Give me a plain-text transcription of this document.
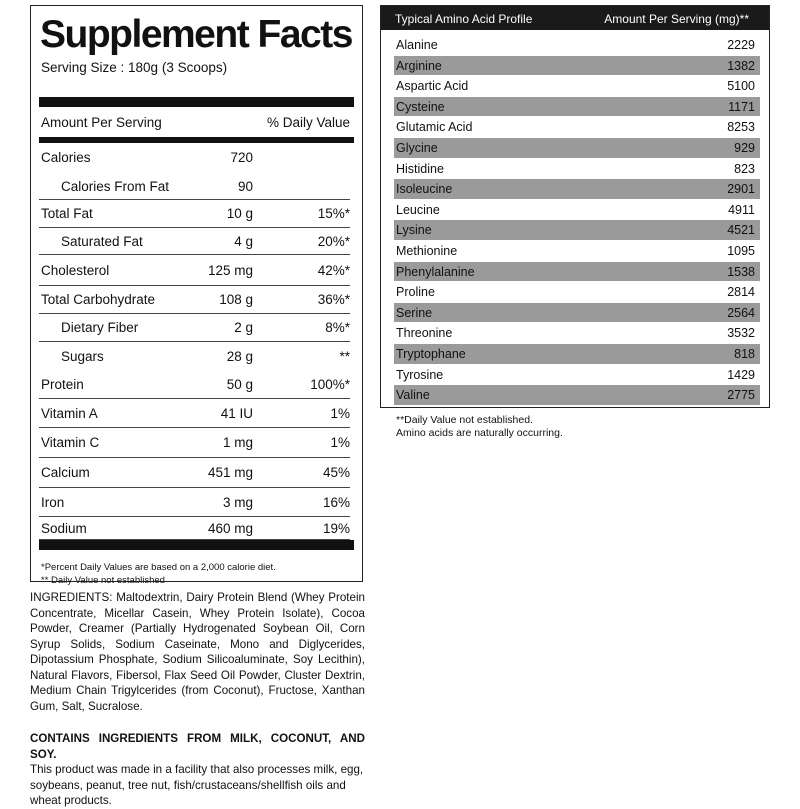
Supplement Facts
Serving Size : 180g (3 Scoops)
Amount Per Serving	% Daily Value
Calories	720
Calories From Fat	90
Total Fat	10 g	15%*
Saturated Fat	4 g	20%*
Cholesterol	125 mg	42%*
Total Carbohydrate	108 g	36%*
Dietary Fiber	2 g	8%*
Sugars	28 g	**
Protein	50 g	100%*
Vitamin A	41 IU	1%
Vitamin C	1 mg	1%
Calcium	451 mg	45%
Iron	3 mg	16%
Sodium	460 mg	19%
*Percent Daily Values are based on a 2,000 calorie diet.
** Daily Value not established

INGREDIENTS: Maltodextrin, Dairy Protein Blend (Whey Protein Concentrate, Micellar Casein, Whey Protein Isolate), Cocoa Powder, Creamer (Partially Hydrogenated Soybean Oil, Corn Syrup Solids, Sodium Caseinate, Mono and Diglycerides, Dipotassium Phosphate, Sodium Silicoaluminate, Soy Lecithin), Natural Flavors, Fibersol, Flax Seed Oil Powder, Cluster Dextrin, Medium Chain Trigylcerides (from Coconut), Fructose, Xanthan Gum, Salt, Sucralose.

CONTAINS INGREDIENTS FROM MILK, COCONUT, AND SOY.

This product was made in a facility that also processes milk, egg, soybeans, peanut, tree nut, fish/crustaceans/shellfish oils and wheat products.

Typical Amino Acid Profile	Amount Per Serving (mg)**
Alanine	2229
Arginine	1382
Aspartic Acid	5100
Cysteine	1171
Glutamic Acid	8253
Glycine	929
Histidine	823
Isoleucine	2901
Leucine	4911
Lysine	4521
Methionine	1095
Phenylalanine	1538
Proline	2814
Serine	2564
Threonine	3532
Tryptophane	818
Tyrosine	1429
Valine	2775
**Daily Value not established.
Amino acids are naturally occurring.
